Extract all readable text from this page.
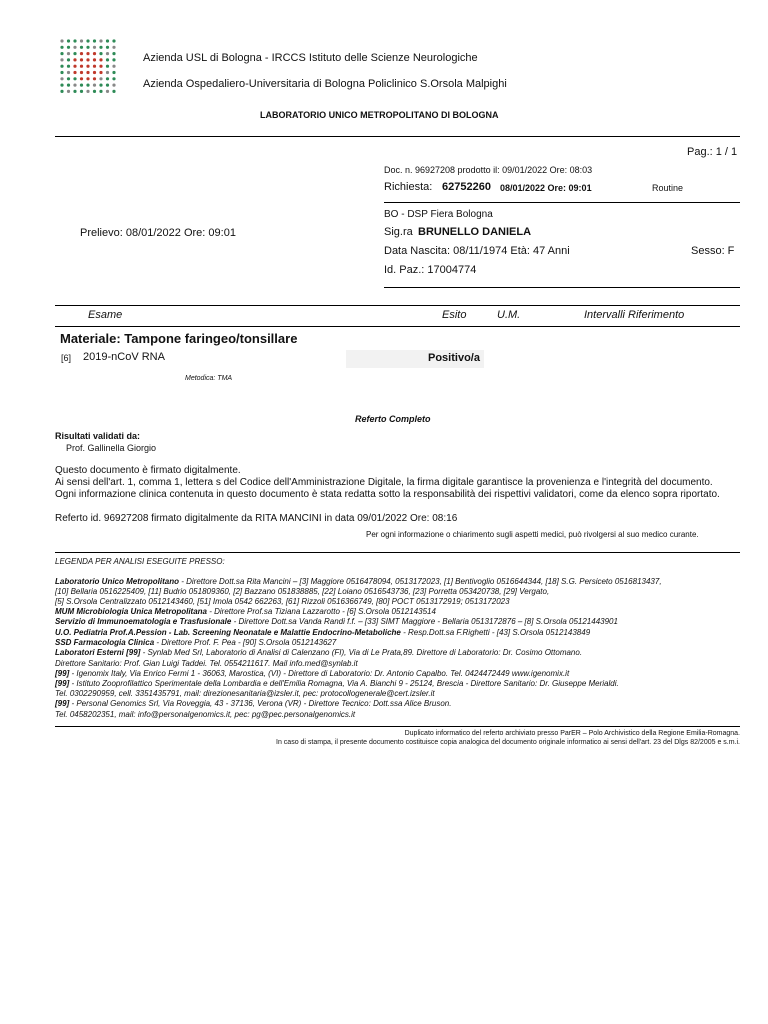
Azienda USL di Bologna - IRCCS Istituto delle Scienze Neurologiche
Azienda Ospedaliero-Universitaria di Bologna Policlinico S.Orsola Malpighi
LABORATORIO UNICO METROPOLITANO DI BOLOGNA
Pag.: 1 / 1
Doc. n. 96927208 prodotto il: 09/01/2022 Ore: 08:03
Richiesta: 62752260 08/01/2022 Ore: 09:01	Routine
BO - DSP Fiera Bologna
Prelievo: 08/01/2022 Ore: 09:01	Sig.ra BRUNELLO DANIELA
Data Nascita: 08/11/1974 Età: 47 Anni	Sesso: F
Id. Paz.: 17004774
Esame	Esito	U.M.	Intervalli Riferimento
Materiale: Tampone faringeo/tonsillare
[6] 2019-nCoV RNA	Positivo/a
Metodica: TMA
Referto Completo
Risultati validati da:
Prof. Gallinella Giorgio
Questo documento è firmato digitalmente.
Ai sensi dell'art. 1, comma 1, lettera s del Codice dell'Amministrazione Digitale, la firma digitale garantisce la provenienza e l'integrità del documento.
Ogni informazione clinica contenuta in questo documento è stata redatta sotto la responsabilità dei rispettivi validatori, come da elenco sopra riportato.
Referto id. 96927208 firmato digitalmente da RITA MANCINI in data 09/01/2022 Ore: 08:16
Per ogni informazione o chiarimento sugli aspetti medici, può rivolgersi al suo medico curante.
LEGENDA PER ANALISI ESEGUITE PRESSO:
Laboratorio Unico Metropolitano - Direttore Dott.sa Rita Mancini – [3] Maggiore 0516478094, 0513172023, [1] Bentivoglio 0516644344, [18] S.G. Persiceto 0516813437,
[10] Bellaria 0516225409, [11] Budrio 051809360, [2] Bazzano 051838885, [22] Loiano 0516543736, [23] Porretta 053420738, [29] Vergato,
[5] S.Orsola Centralizzato 0512143460, [51] Imola 0542 662263, [61] Rizzoli 0516366749, [80] POCT 0513172919; 0513172023
MUM Microbiologia Unica Metropolitana - Direttore Prof.sa Tiziana Lazzarotto - [6] S.Orsola 0512143514
Servizio di Immunoematologia e Trasfusionale - Direttore Dott.sa Vanda Randi f.f. – [33] SIMT Maggiore - Bellaria 0513172876 – [8] S.Orsola 05121443901
U.O. Pediatria Prof.A.Pession - Lab. Screening Neonatale e Malattie Endocrino-Metaboliche - Resp.Dott.sa F.Righetti - [43] S.Orsola 0512143849
SSD Farmacologia Clinica - Direttore Prof. F. Pea - [90] S.Orsola 0512143627
Laboratori Esterni [99] - Synlab Med Srl, Laboratorio di Analisi di Calenzano (FI), Via di Le Prata,89. Direttore di Laboratorio: Dr. Cosimo Ottomano.
Direttore Sanitario: Prof. Gian Luigi Taddei. Tel. 0554211617. Mail info.med@synlab.it
[99] - Igenomix Italy, Via Enrico Fermi 1 - 36063, Marostica, (VI) - Direttore di Laboratorio: Dr. Antonio Capalbo. Tel. 0424472449 www.igenomix.it
[99] - Istituto Zooprofilattico Sperimentale della Lombardia e dell'Emilia Romagna, Via A. Bianchi 9 - 25124, Brescia - Direttore Sanitario: Dr. Giuseppe Merialdi.
Tel. 0302290959, cell. 3351435791, mail: direzionesanitaria@izsler.it, pec: protocollogenerale@cert.izsler.it
[99] - Personal Genomics Srl, Via Roveggia, 43 - 37136, Verona (VR) - Direttore Tecnico: Dott.ssa Alice Bruson.
Tel. 0458202351, mail: info@personalgenomics.it, pec: pg@pec.personalgenomics.it
Duplicato informatico del referto archiviato presso ParER – Polo Archivistico della Regione Emilia-Romagna.
In caso di stampa, il presente documento costituisce copia analogica del documento originale informatico ai sensi dell'art. 23 del Dlgs 82/2005 e s.m.i.
